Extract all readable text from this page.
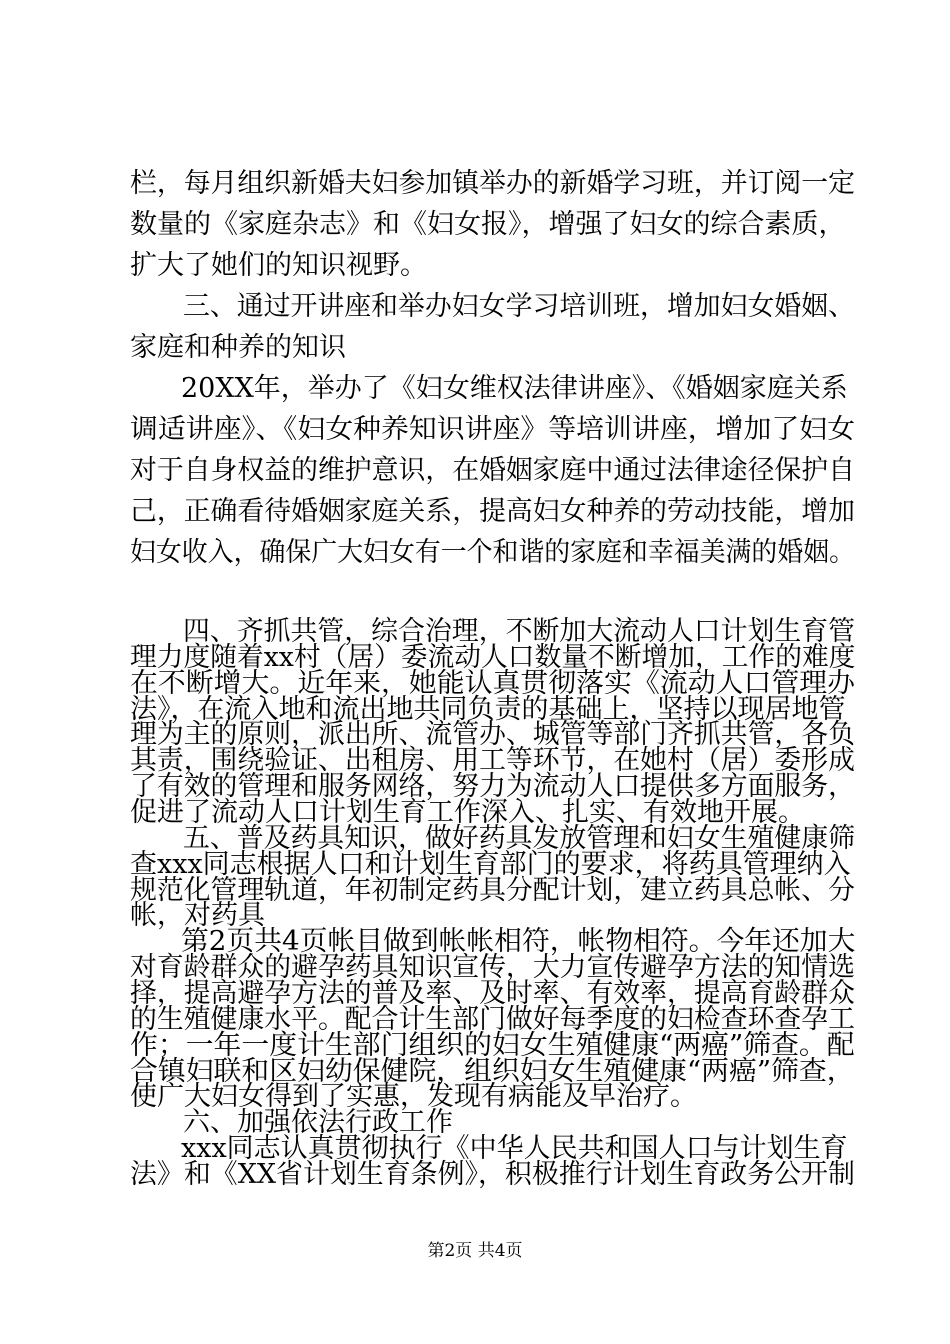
栏，每月组织新婚夫妇参加镇举办的新婚学习班，并订阅一定
数量的《家庭杂志》和《妇女报》，增强了妇女的综合素质，
扩大了她们的知识视野。
三、通过开讲座和举办妇女学习培训班，增加妇女婚姻、
家庭和种养的知识
20XX年，举办了《妇女维权法律讲座》、《婚姻家庭关系
调适讲座》、《妇女种养知识讲座》等培训讲座，增加了妇女
对于自身权益的维护意识，在婚姻家庭中通过法律途径保护自
己，正确看待婚姻家庭关系，提高妇女种养的劳动技能，增加
妇女收入，确保广大妇女有一个和谐的家庭和幸福美满的婚姻。
四、齐抓共管，综合治理，不断加大流动人口计划生育管
理力度随着xx村（居）委流动人口数量不断增加，工作的难度
在不断增大。近年来，她能认真贯彻落实《流动人口管理办
法》，在流入地和流出地共同负责的基础上，坚持以现居地管
理为主的原则，派出所、流管办、城管等部门齐抓共管，各负
其责，围绕验证、出租房、用工等环节，在她村（居）委形成
了有效的管理和服务网络，努力为流动人口提供多方面服务，
促进了流动人口计划生育工作深入、扎实、有效地开展。
五、普及药具知识，做好药具发放管理和妇女生殖健康筛
查xxx同志根据人口和计划生育部门的要求，将药具管理纳入
规范化管理轨道，年初制定药具分配计划，建立药具总帐、分
帐，对药具
第2页共4页帐目做到帐帐相符，帐物相符。今年还加大
对育龄群众的避孕药具知识宣传，大力宣传避孕方法的知情选
择，提高避孕方法的普及率、及时率、有效率，提高育龄群众
的生殖健康水平。配合计生部门做好每季度的妇检查环查孕工
作；一年一度计生部门组织的妇女生殖健康“两癌”筛查。配
合镇妇联和区妇幼保健院，组织妇女生殖健康“两癌”筛查，
使广大妇女得到了实惠，发现有病能及早治疗。
六、加强依法行政工作
xxx同志认真贯彻执行《中华人民共和国人口与计划生育
法》和《XX省计划生育条例》，积极推行计划生育政务公开制
第2页 共4页
